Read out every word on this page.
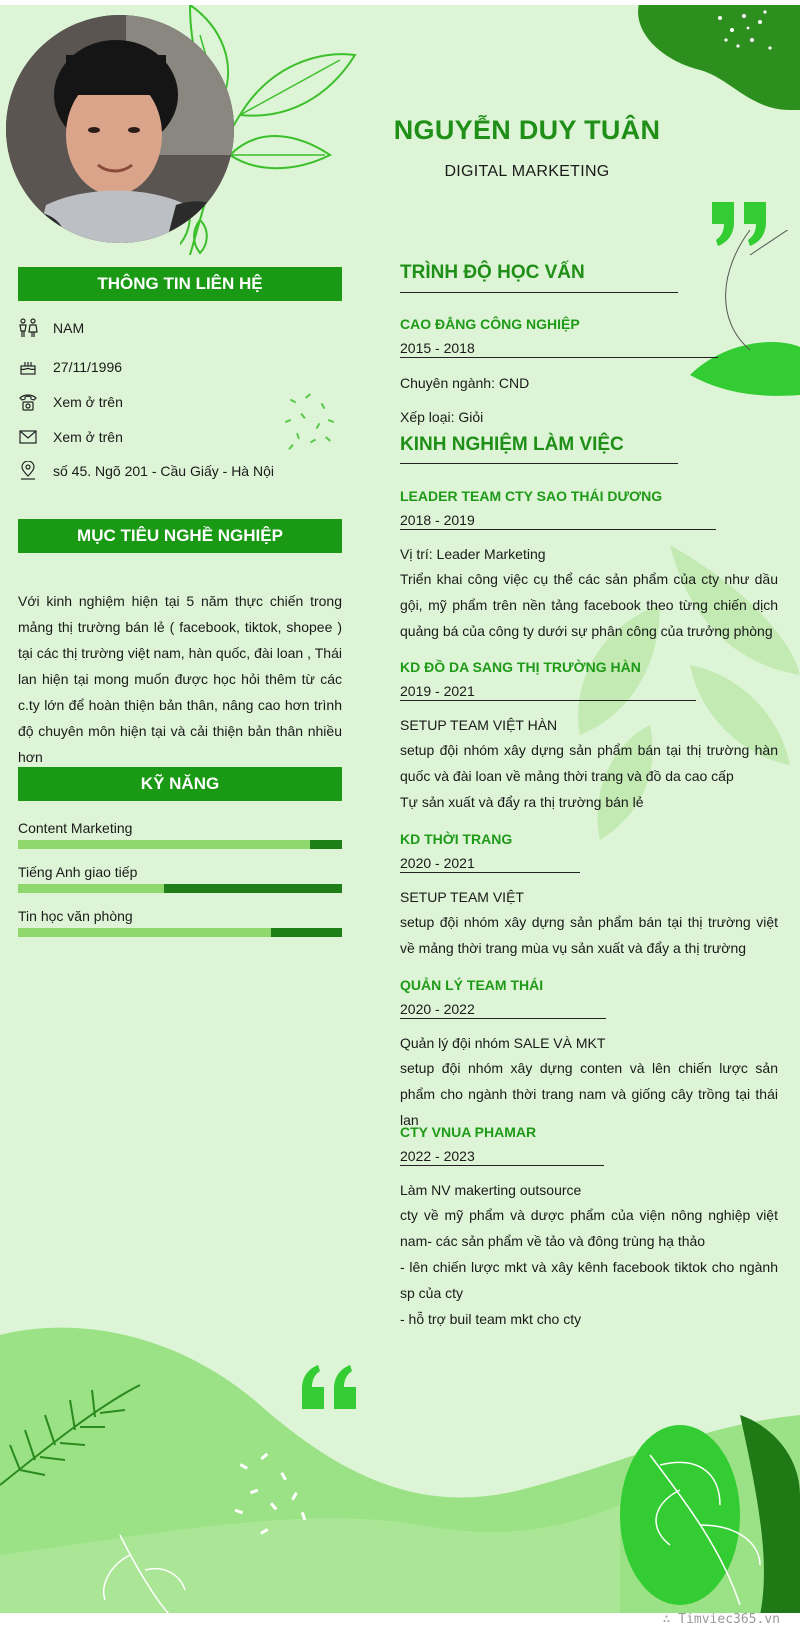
NGUYỄN DUY TUÂN
DIGITAL MARKETING
THÔNG TIN LIÊN HỆ
NAM
27/11/1996
Xem ở trên
Xem ở trên
số 45. Ngõ 201 - Cầu Giấy - Hà Nội
MỤC TIÊU NGHỀ NGHIỆP
Với kinh nghiệm hiện tại 5 năm thực chiến trong mảng thị trường bán lẻ ( facebook, tiktok, shopee ) tại các thị trường việt nam, hàn quốc, đài loan , Thái lan hiện tại mong muốn được học hỏi thêm từ các c.ty lớn để hoàn thiện bản thân, nâng cao hơn trình độ chuyên môn hiện tại và cải thiện bản thân nhiều hơn
KỸ NĂNG
Content Marketing
Tiếng Anh giao tiếp
Tin học văn phòng
TRÌNH ĐỘ HỌC VẤN
CAO ĐẲNG CÔNG NGHIỆP
2015 - 2018
Chuyên ngành: CND
Xếp loại: Giỏi
KINH NGHIỆM LÀM VIỆC
LEADER TEAM CTY SAO THÁI DƯƠNG
2018 - 2019
Vị trí: Leader Marketing
Triển khai công việc cụ thể các sản phẩm của cty như dầu gội, mỹ phẩm trên nền tảng facebook theo từng chiến dịch quảng bá của công ty dưới sự phân công của trưởng phòng
KD ĐỒ DA SANG THỊ TRƯỜNG HÀN
2019 - 2021
SETUP TEAM VIỆT HÀN
setup đội nhóm xây dựng sản phẩm bán tại thị trường hàn quốc và đài loan về mảng thời trang và đồ da cao cấp
Tự sản xuất và đẩy ra thị trường bán lẻ
KD THỜI TRANG
2020 - 2021
SETUP TEAM VIỆT
setup đội nhóm xây dựng sản phẩm bán tại thị trường việt về mảng thời trang mùa vụ sản xuất và đẩy a thị trường
QUẢN LÝ TEAM THÁI
2020 - 2022
Quản lý đội nhóm SALE VÀ MKT
setup đội nhóm xây dựng conten và lên chiến lược sản phẩm cho ngành thời trang nam và giống cây trồng tại thái lan
CTY VNUA PHAMAR
2022 - 2023
Làm NV makerting outsource
cty về mỹ phẩm và dược phẩm của viện nông nghiệp việt nam- các sản phẩm về tảo và đông trùng hạ thảo
- lên chiến lược mkt và xây kênh facebook tiktok cho ngành sp của cty
- hỗ trợ buil team mkt cho cty
∴ Timviec365.vn
